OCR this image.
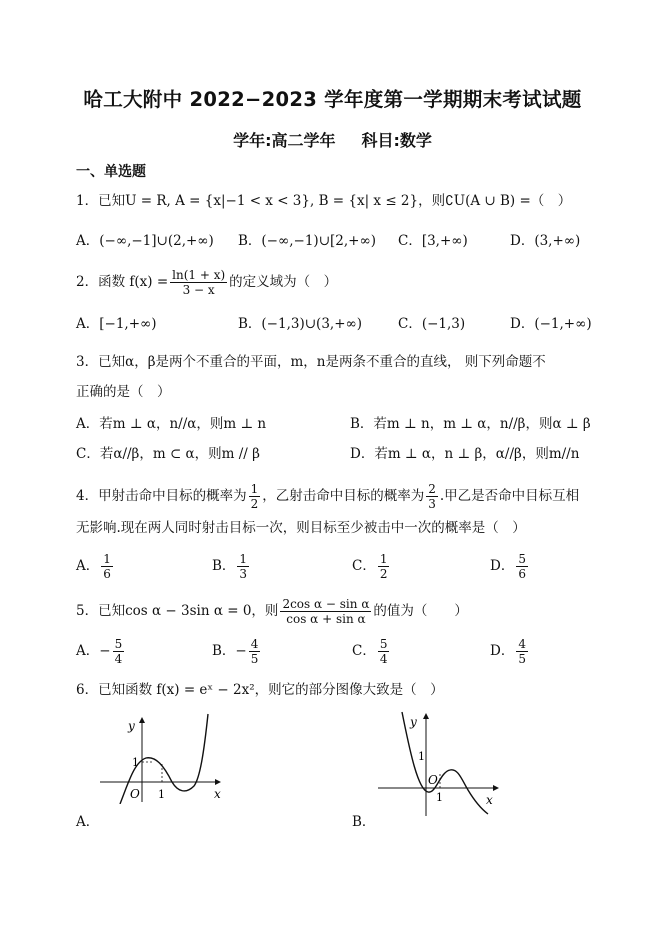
哈工大附中 2022−2023 学年度第一学期期末考试试题
学年:高二学年 科目:数学
一、单选题
1．已知U = R, A = {x|−1 < x < 3}, B = {x| x ≤ 2}，则∁U(A ∪ B) =（　）
A．(−∞,−1]∪(2,+∞) B．(−∞,−1)∪[2,+∞) C．[3,+∞)	D．(3,+∞)
2．函数 $f(x) = \frac{\ln(1 + x)}{3 - x}$ 的定义域为（　）
A．[−1,+∞)	B．(−1,3)∪(3,+∞)	C．(−1,3)	D．(−1,+∞)
3．已知α，β是两个不重合的平面，m，n是两条不重合的直线， 则下列命题不
正确的是（　）
A．若m ⊥ α，n//α，则m ⊥ n	B．若m ⊥ n，m ⊥ α，n//β，则α ⊥ β
C．若α//β，m ⊂ α，则m // β	D．若m ⊥ α，n ⊥ β，α//β，则m//n
4．甲射击命中目标的概率为 $\frac{1}{2}$ ，乙射击命中目标的概率为 $\frac{2}{3}$ .甲乙是否命中目标互相
无影响.现在两人同时射击目标一次，则目标至少被击中一次的概率是（　）
A． $\frac{1}{6}$	B． $\frac{1}{3}$	C． $\frac{1}{2}$	D． $\frac{5}{6}$
5．已知cos α − 3sin α = 0，则 $\frac{\text{2cos α − sin α}}{\text{cos α + sin α}}$ 的值为（　　）
A．− $\frac{5}{4}$	B．− $\frac{4}{5}$	C． $\frac{5}{4}$	D． $\frac{4}{5}$
6．已知函数 f(x) = eˣ − 2x²，则它的部分图像大致是（　）
y
x
O 1
1
A．
y
x
O
1
1
B．
